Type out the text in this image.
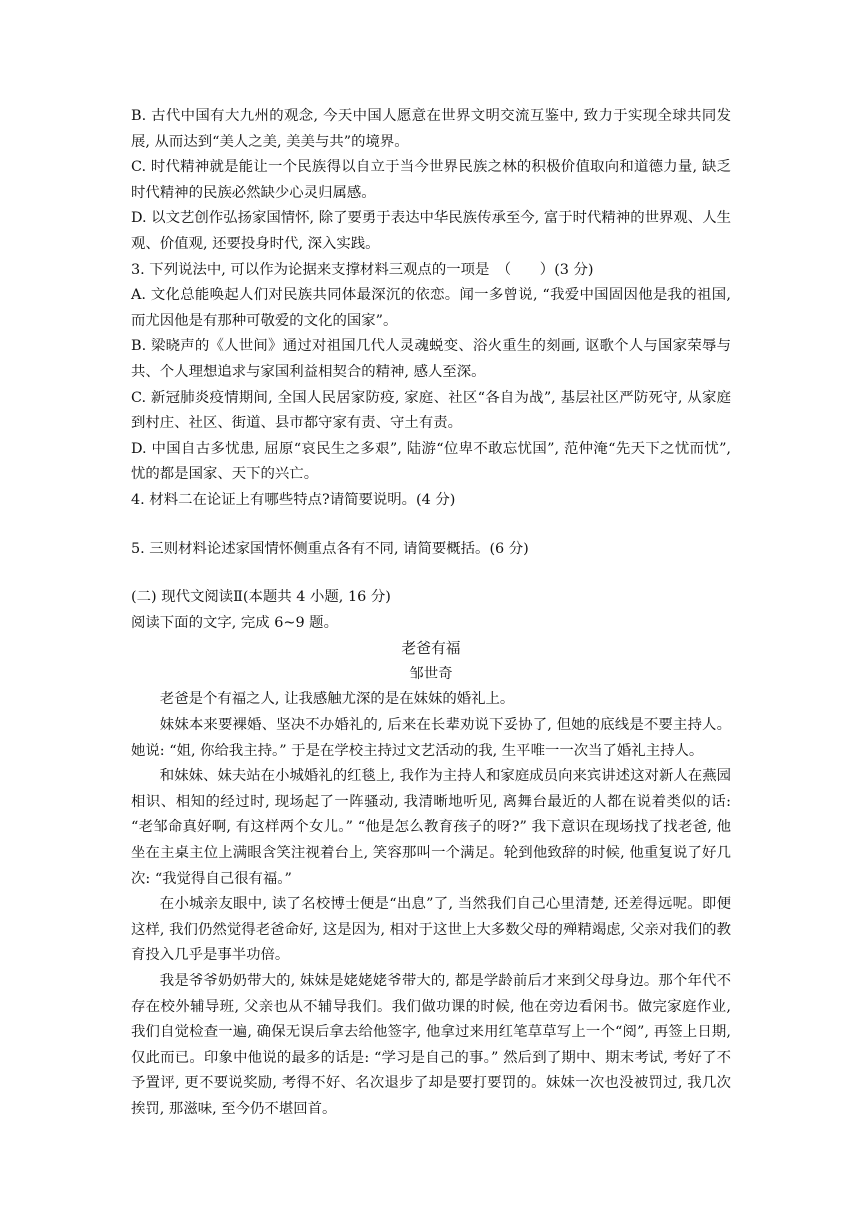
B. 古代中国有大九州的观念, 今天中国人愿意在世界文明交流互鉴中, 致力于实现全球共同发展, 从而达到“美人之美, 美美与共”的境界。

C. 时代精神就是能让一个民族得以自立于当今世界民族之林的积极价值取向和道德力量, 缺乏时代精神的民族必然缺少心灵归属感。

D. 以文艺创作弘扬家国情怀, 除了要勇于表达中华民族传承至今, 富于时代精神的世界观、人生观、价值观, 还要投身时代, 深入实践。

3. 下列说法中, 可以作为论据来支撑材料三观点的一项是　（　　）(3 分)

A. 文化总能唤起人们对民族共同体最深沉的依恋。闻一多曾说, “我爱中国固因他是我的祖国, 而尤因他是有那种可敬爱的文化的国家”。

B. 梁晓声的《人世间》通过对祖国几代人灵魂蜕变、浴火重生的刻画, 讴歌个人与国家荣辱与共、个人理想追求与家国利益相契合的精神, 感人至深。

C. 新冠肺炎疫情期间, 全国人民居家防疫, 家庭、社区“各自为战”, 基层社区严防死守, 从家庭到村庄、社区、街道、县市都守家有责、守土有责。

D. 中国自古多忧患, 屈原“哀民生之多艰”, 陆游“位卑不敢忘忧国”, 范仲淹“先天下之忧而忧”, 忧的都是国家、天下的兴亡。

4. 材料二在论证上有哪些特点?请简要说明。(4 分)

5. 三则材料论述家国情怀侧重点各有不同, 请简要概括。(6 分)

(二) 现代文阅读Ⅱ(本题共 4 小题, 16 分)

阅读下面的文字, 完成 6~9 题。

老爸有福

邹世奇

老爸是个有福之人, 让我感触尤深的是在妹妹的婚礼上。

妹妹本来要裸婚、坚决不办婚礼的, 后来在长辈劝说下妥协了, 但她的底线是不要主持人。她说: “姐, 你给我主持。” 于是在学校主持过文艺活动的我, 生平唯一一次当了婚礼主持人。

和妹妹、妹夫站在小城婚礼的红毯上, 我作为主持人和家庭成员向来宾讲述这对新人在燕园相识、相知的经过时, 现场起了一阵骚动, 我清晰地听见, 离舞台最近的人都在说着类似的话: “老邹命真好啊, 有这样两个女儿。” “他是怎么教育孩子的呀?” 我下意识在现场找了找老爸, 他坐在主桌主位上满眼含笑注视着台上, 笑容那叫一个满足。轮到他致辞的时候, 他重复说了好几次: “我觉得自己很有福。”

在小城亲友眼中, 读了名校博士便是“出息”了, 当然我们自己心里清楚, 还差得远呢。即便这样, 我们仍然觉得老爸命好, 这是因为, 相对于这世上大多数父母的殚精竭虑, 父亲对我们的教育投入几乎是事半功倍。

我是爷爷奶奶带大的, 妹妹是姥姥姥爷带大的, 都是学龄前后才来到父母身边。那个年代不存在校外辅导班, 父亲也从不辅导我们。我们做功课的时候, 他在旁边看闲书。做完家庭作业, 我们自觉检查一遍, 确保无误后拿去给他签字, 他拿过来用红笔草草写上一个“阅”, 再签上日期, 仅此而已。印象中他说的最多的话是: “学习是自己的事。” 然后到了期中、期末考试, 考好了不予置评, 更不要说奖励, 考得不好、名次退步了却是要打要罚的。妹妹一次也没被罚过, 我几次挨罚, 那滋味, 至今仍不堪回首。
